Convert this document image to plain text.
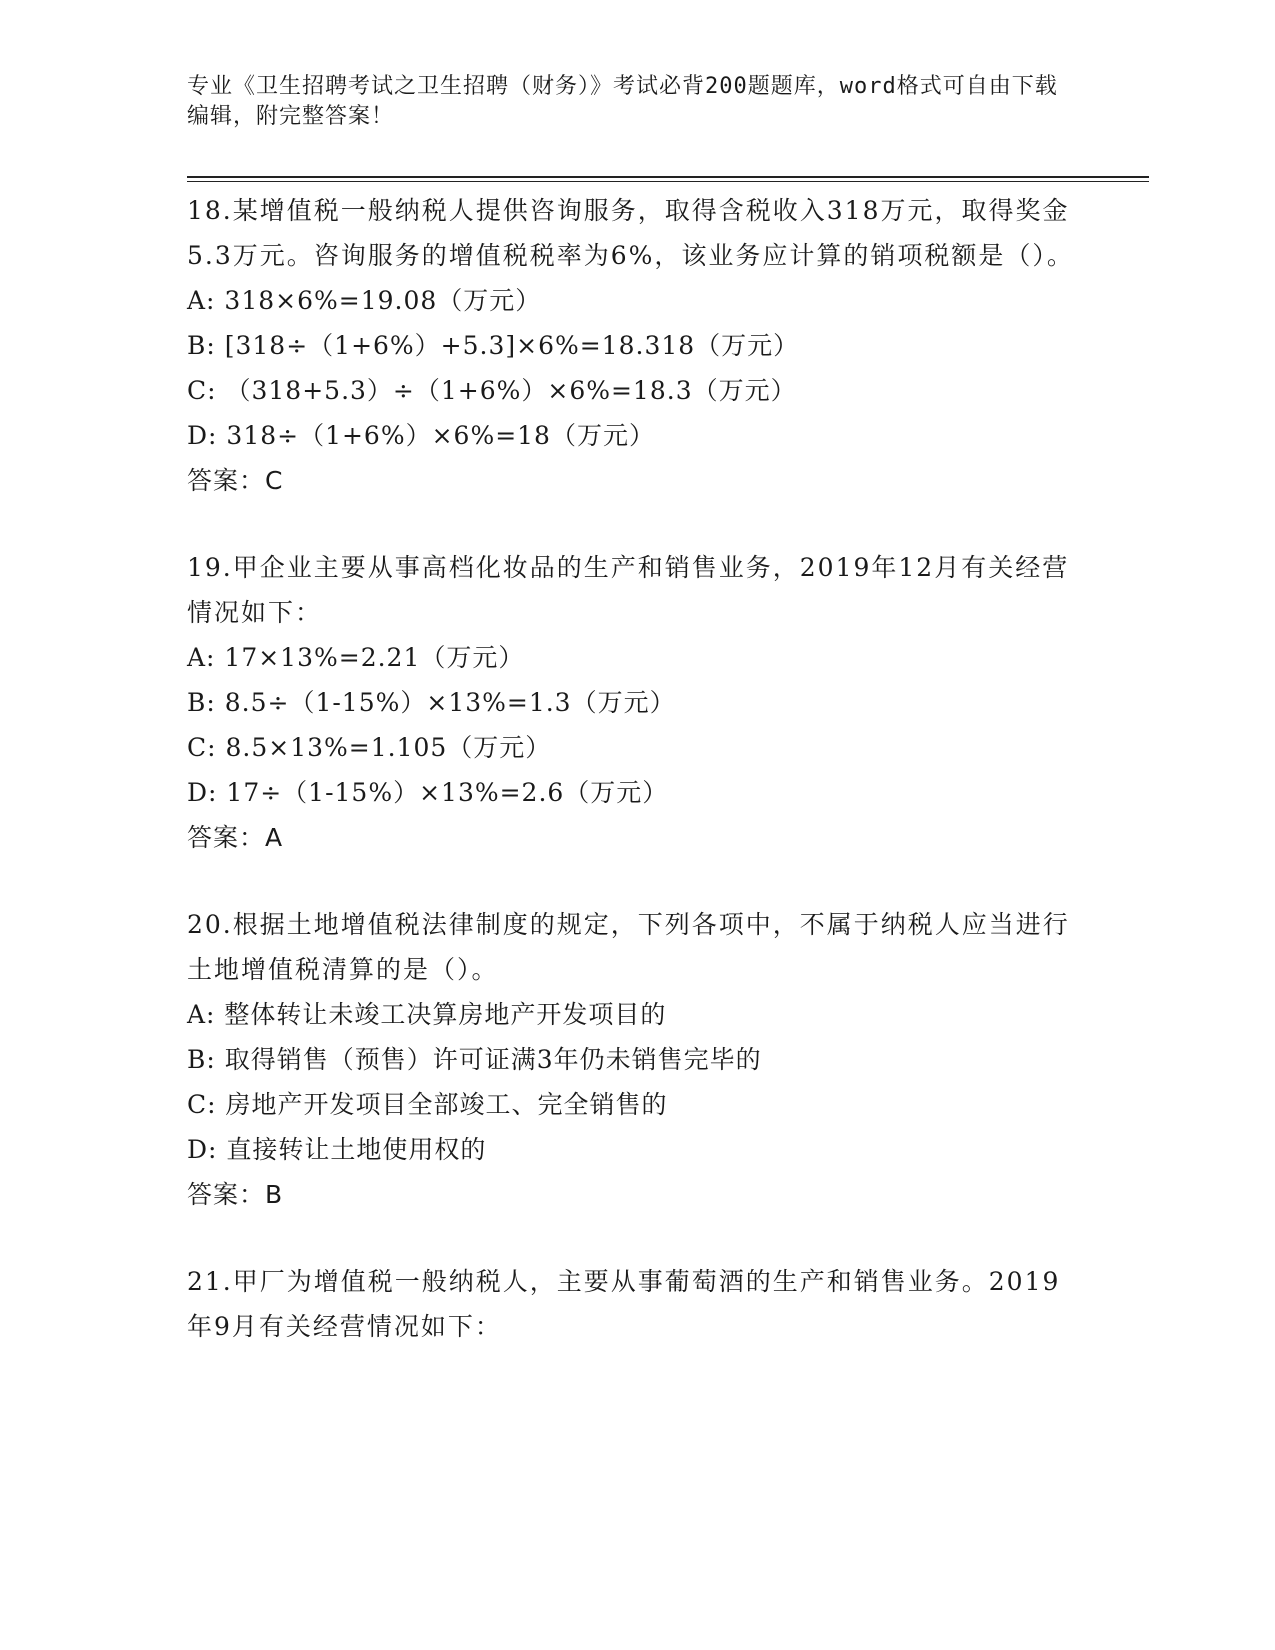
专业《卫生招聘考试之卫生招聘（财务）》考试必背200题题库，word格式可自由下载编辑，附完整答案！

18.某增值税一般纳税人提供咨询服务，取得含税收入318万元，取得奖金5.3万元。咨询服务的增值税税率为6%，该业务应计算的销项税额是（）。

A: 318×6%=19.08（万元）

B: [318÷（1+6%）+5.3]×6%=18.318（万元）

C: （318+5.3）÷（1+6%）×6%=18.3（万元）

D: 318÷（1+6%）×6%=18（万元）

答案：C

19.甲企业主要从事高档化妆品的生产和销售业务，2019年12月有关经营情况如下：

A: 17×13%=2.21（万元）

B: 8.5÷（1-15%）×13%=1.3（万元）

C: 8.5×13%=1.105（万元）

D: 17÷（1-15%）×13%=2.6（万元）

答案：A

20.根据土地增值税法律制度的规定，下列各项中，不属于纳税人应当进行土地增值税清算的是（）。

A: 整体转让未竣工决算房地产开发项目的

B: 取得销售（预售）许可证满3年仍未销售完毕的

C: 房地产开发项目全部竣工、完全销售的

D: 直接转让土地使用权的

答案：B

21.甲厂为增值税一般纳税人，主要从事葡萄酒的生产和销售业务。2019年9月有关经营情况如下：
